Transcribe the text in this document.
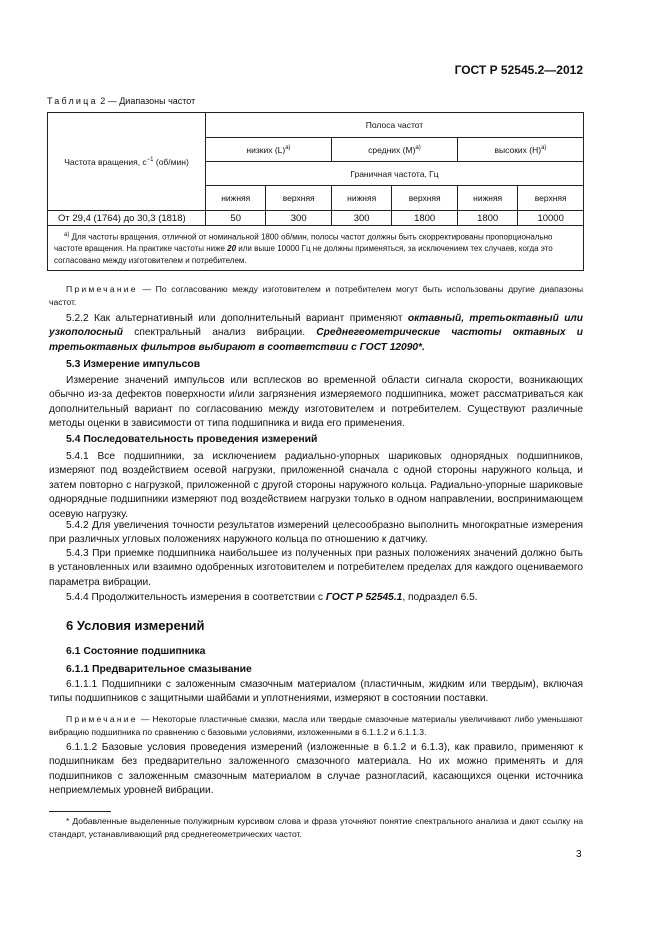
ГОСТ Р 52545.2—2012
Таблица 2 — Диапазоны частот
Частота вращения, $с^{-1}$ (об/мин)	Полоса частот					
	низких $(L)^{а)}$		средних $(M)^{а)}$		высоких $(H)^{а)}$
	Граничная частота, Гц					
	нижняя	верхняя	нижняя	верхняя	нижняя	верхняя
От 29,4 (1764) до 30,3 (1818)	50	300	300	1800	1800	10000
$^{а)}$ Для частоты вращения, отличной от номинальной 1800 об/мин, полосы частот должны быть скорректированы пропорционально частоте вращения. На практике частоты ниже 20 или выше 10000 Гц не должны применяться, за исключением тех случаев, когда это согласовано между изготовителем и потребителем.						
Примечание — По согласованию между изготовителем и потребителем могут быть использованы другие диапазоны частот.
5.2.2 Как альтернативный или дополнительный вариант применяют октавный, третьоктавный или узкополосный спектральный анализ вибрации. Среднегеометрические частоты октавных и третьоктавных фильтров выбирают в соответствии с ГОСТ 12090*.
5.3 Измерение импульсов
Измерение значений импульсов или всплесков во временной области сигнала скорости, возникающих обычно из-за дефектов поверхности и/или загрязнения измеряемого подшипника, может рассматриваться как дополнительный вариант по согласованию между изготовителем и потребителем. Существуют различные методы оценки в зависимости от типа подшипника и вида его применения.
5.4 Последовательность проведения измерений
5.4.1 Все подшипники, за исключением радиально-упорных шариковых однорядных подшипников, измеряют под воздействием осевой нагрузки, приложенной сначала с одной стороны наружного кольца, и затем повторно с нагрузкой, приложенной с другой стороны наружного кольца. Радиально-упорные шариковые однорядные подшипники измеряют под воздействием нагрузки только в одном направлении, воспринимающем осевую нагрузку.
5.4.2 Для увеличения точности результатов измерений целесообразно выполнить многократные измерения при различных угловых положениях наружного кольца по отношению к датчику.
5.4.3 При приемке подшипника наибольшее из полученных при разных положениях значений должно быть в установленных или взаимно одобренных изготовителем и потребителем пределах для каждого оцениваемого параметра вибрации.
5.4.4 Продолжительность измерения в соответствии с ГОСТ Р 52545.1, подраздел 6.5.
6 Условия измерений
6.1 Состояние подшипника
6.1.1 Предварительное смазывание
6.1.1.1 Подшипники с заложенным смазочным материалом (пластичным, жидким или твердым), включая типы подшипников с защитными шайбами и уплотнениями, измеряют в состоянии поставки.
Примечание — Некоторые пластичные смазки, масла или твердые смазочные материалы увеличивают либо уменьшают вибрацию подшипника по сравнению с базовыми условиями, изложенными в 6.1.1.2 и 6.1.1.3.
6.1.1.2 Базовые условия проведения измерений (изложенные в 6.1.2 и 6.1.3), как правило, применяют к подшипникам без предварительно заложенного смазочного материала. Но их можно применять и для подшипников с заложенным смазочным материалом в случае разногласий, касающихся оценки источника неприемлемых уровней вибрации.
* Добавленные выделенные полужирным курсивом слова и фраза уточняют понятие спектрального анализа и дают ссылку на стандарт, устанавливающий ряд среднегеометрических частот.
3
